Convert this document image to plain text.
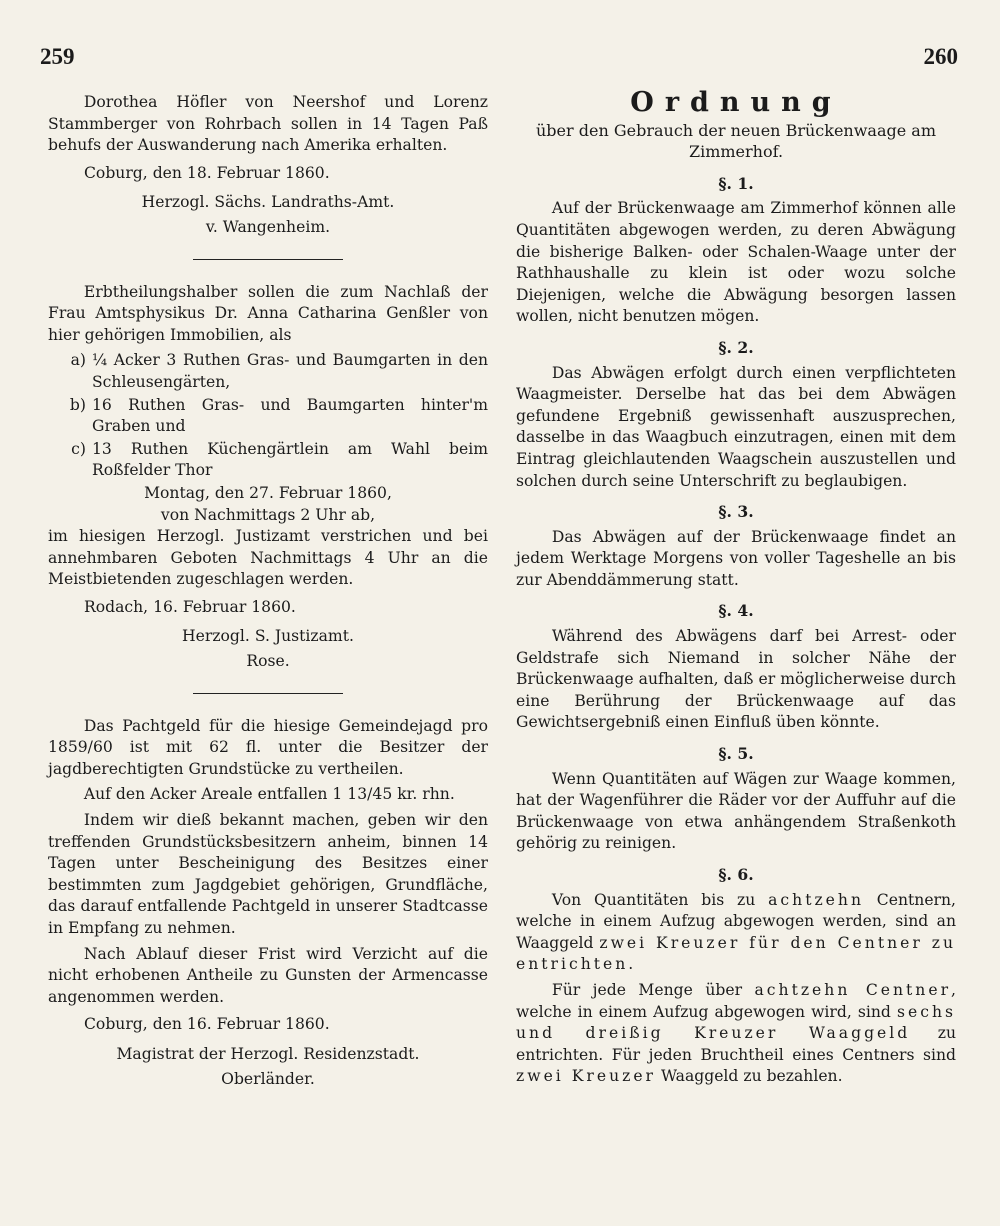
259	260

Dorothea Höfler von Neershof und Lorenz Stammberger von Rohrbach sollen in 14 Tagen Paß behufs der Auswanderung nach Amerika erhalten.

Coburg, den 18. Februar 1860.

Herzogl. Sächs. Landraths-Amt.

v. Wangenheim.

Erbtheilungshalber sollen die zum Nachlaß der Frau Amtsphysikus Dr. Anna Catharina Genßler von hier gehörigen Immobilien, als

a) ¼ Acker 3 Ruthen Gras- und Baumgarten in den Schleusengärten,
b) 16 Ruthen Gras- und Baumgarten hinter'm Graben und
c) 13 Ruthen Küchengärtlein am Wahl beim Roßfelder Thor

Montag, den 27. Februar 1860,

von Nachmittags 2 Uhr ab,

im hiesigen Herzogl. Justizamt verstrichen und bei annehmbaren Geboten Nachmittags 4 Uhr an die Meistbietenden zugeschlagen werden.

Rodach, 16. Februar 1860.

Herzogl. S. Justizamt.

Rose.

Das Pachtgeld für die hiesige Gemeindejagd pro 1859/60 ist mit 62 fl. unter die Besitzer der jagdberechtigten Grundstücke zu vertheilen.

Auf den Acker Areale entfallen 1 13/45 kr. rhn.

Indem wir dieß bekannt machen, geben wir den treffenden Grundstücksbesitzern anheim, binnen 14 Tagen unter Bescheinigung des Besitzes einer bestimmten zum Jagdgebiet gehörigen, Grundfläche, das darauf entfallende Pachtgeld in unserer Stadtcasse in Empfang zu nehmen.

Nach Ablauf dieser Frist wird Verzicht auf die nicht erhobenen Antheile zu Gunsten der Armencasse angenommen werden.

Coburg, den 16. Februar 1860.

Magistrat der Herzogl. Residenzstadt.

Oberländer.

Ordnung

über den Gebrauch der neuen Brückenwaage am Zimmerhof.

§. 1.

Auf der Brückenwaage am Zimmerhof können alle Quantitäten abgewogen werden, zu deren Abwägung die bisherige Balken- oder Schalen-Waage unter der Rathhaushalle zu klein ist oder wozu solche Diejenigen, welche die Abwägung besorgen lassen wollen, nicht benutzen mögen.

§. 2.

Das Abwägen erfolgt durch einen verpflichteten Waagmeister. Derselbe hat das bei dem Abwägen gefundene Ergebniß gewissenhaft auszusprechen, dasselbe in das Waagbuch einzutragen, einen mit dem Eintrag gleichlautenden Waagschein auszustellen und solchen durch seine Unterschrift zu beglaubigen.

§. 3.

Das Abwägen auf der Brückenwaage findet an jedem Werktage Morgens von voller Tageshelle an bis zur Abenddämmerung statt.

§. 4.

Während des Abwägens darf bei Arrest- oder Geldstrafe sich Niemand in solcher Nähe der Brückenwaage aufhalten, daß er möglicherweise durch eine Berührung der Brückenwaage auf das Gewichtsergebniß einen Einfluß üben könnte.

§. 5.

Wenn Quantitäten auf Wägen zur Waage kommen, hat der Wagenführer die Räder vor der Auffuhr auf die Brückenwaage von etwa anhängendem Straßenkoth gehörig zu reinigen.

§. 6.

Von Quantitäten bis zu achtzehn Centnern, welche in einem Aufzug abgewogen werden, sind an Waaggeld zwei Kreuzer für den Centner zu entrichten.

Für jede Menge über achtzehn Centner, welche in einem Aufzug abgewogen wird, sind sechs und dreißig Kreuzer Waaggeld zu entrichten. Für jeden Bruchtheil eines Centners sind zwei Kreuzer Waaggeld zu bezahlen.
